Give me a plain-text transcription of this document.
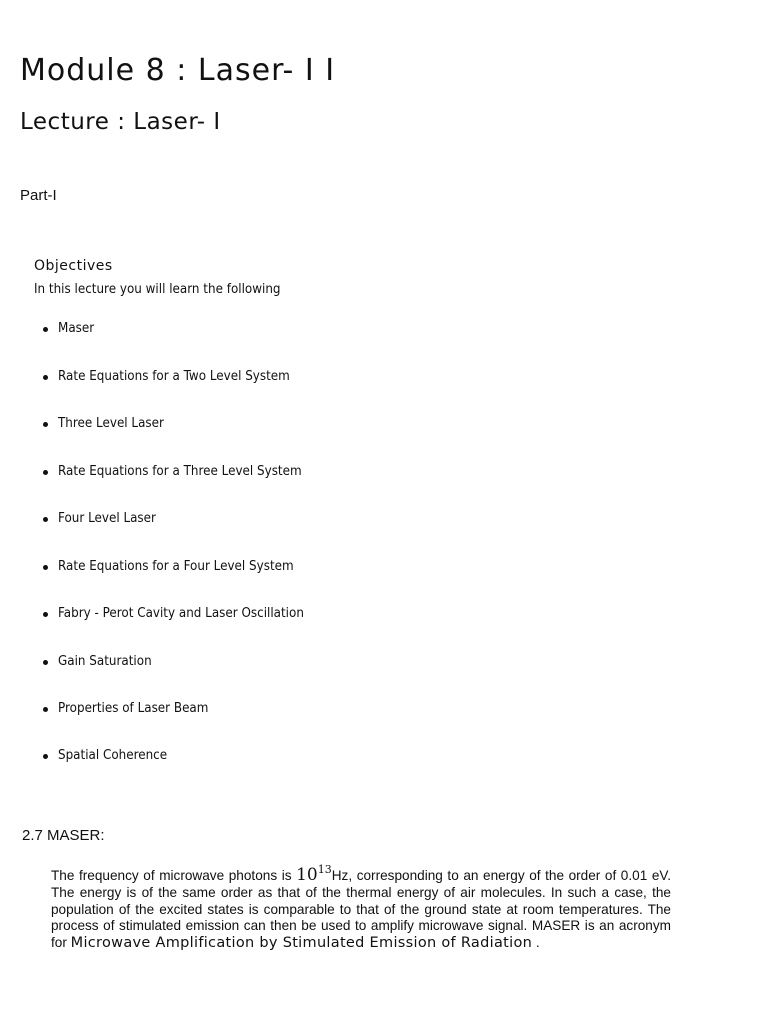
Module 8 : Laser- I I
Lecture : Laser- I
Part-I
Objectives
In this lecture you will learn the following
Maser
Rate Equations for a Two Level System
Three Level Laser
Rate Equations for a Three Level System
Four Level Laser
Rate Equations for a Four Level System
Fabry - Perot Cavity and Laser Oscillation
Gain Saturation
Properties of Laser Beam
Spatial Coherence
2.7 MASER:

The frequency of microwave photons is $10^{13}Hz$, corresponding to an energy of the order of 0.01 eV. The energy is of the same order as that of the thermal energy of air molecules. In such a case, the population of the excited states is comparable to that of the ground state at room temperatures. The process of stimulated emission can then be used to amplify microwave signal. MASER is an acronym for Microwave Amplification by Stimulated Emission of Radiation .
